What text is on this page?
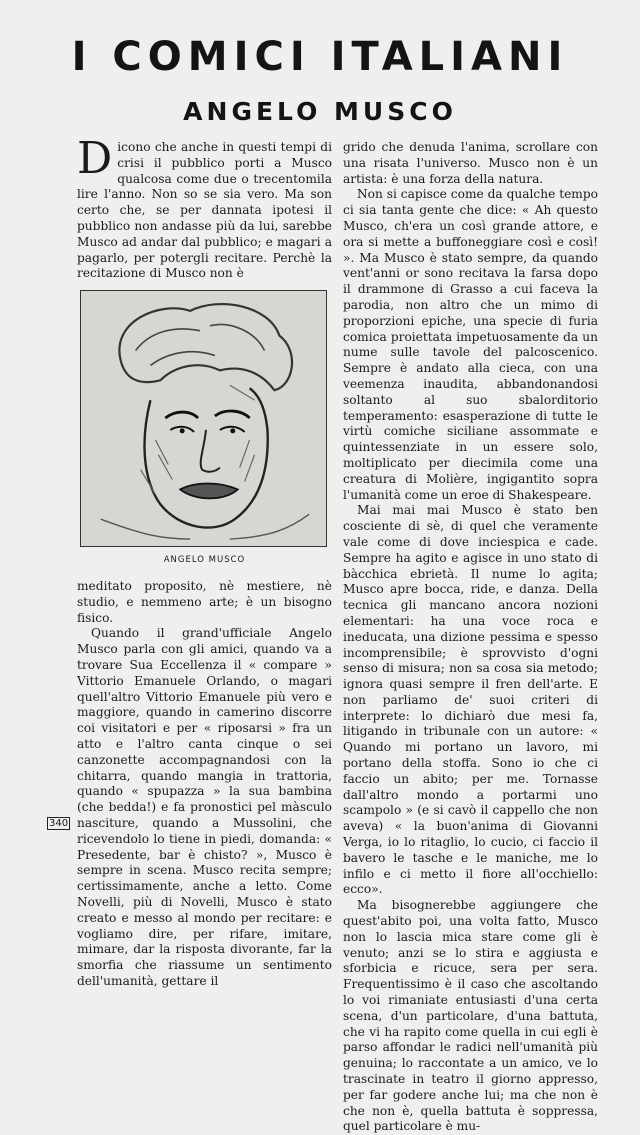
I COMICI ITALIANI
ANGELO MUSCO

Dicono che anche in questi tempi di crisi il pubblico porti a Musco qualcosa come due o trecentomila lire l'anno. Non so se sia vero. Ma son certo che, se per dannata ipotesi il pubblico non andasse più da lui, sarebbe Musco ad andar dal pubblico; e magari a pagarlo, per potergli recitare. Perchè la recitazione di Musco non è

ANGELO MUSCO

meditato proposito, nè mestiere, nè studio, e nemmeno arte; è un bisogno fisico.

Quando il grand'ufficiale Angelo Musco parla con gli amici, quando va a trovare Sua Eccellenza il « compare » Vittorio Emanuele Orlando, o magari quell'altro Vittorio Emanuele più vero e maggiore, quando in camerino discorre coi visitatori e per « riposarsi » fra un atto e l'altro canta cinque o sei canzonette accompagnandosi con la chitarra, quando mangia in trattoria, quando « spupazza » la sua bambina (che bedda!) e fa pronostici pel màsculo nasciture, quando a Mussolini, che ricevendolo lo tiene in piedi, domanda: « Presedente, bar è chisto? », Musco è sempre in scena. Musco recita sempre; certissimamente, anche a letto. Come Novelli, più di Novelli, Musco è stato creato e messo al mondo per recitare: e vogliamo dire, per rifare, imitare, mimare, dar la risposta divorante, far la smorfia che riassume un sentimento dell'umanità, gettare il

grido che denuda l'anima, scrollare con una risata l'universo. Musco non è un artista: è una forza della natura.

Non si capisce come da qualche tempo ci sia tanta gente che dice: « Ah questo Musco, ch'era un così grande attore, e ora si mette a buffoneggiare così e così! ». Ma Musco è stato sempre, da quando vent'anni or sono recitava la farsa dopo il drammone di Grasso a cui faceva la parodia, non altro che un mimo di proporzioni epiche, una specie di furia comica proiettata impetuosamente da un nume sulle tavole del palcoscenico. Sempre è andato alla cieca, con una veemenza inaudita, abbandonandosi soltanto al suo sbalorditorio temperamento: esasperazione di tutte le virtù comiche siciliane assommate e quintessenziate in un essere solo, moltiplicato per diecimila come una creatura di Molière, ingigantito sopra l'umanità come un eroe di Shakespeare.

Mai mai mai Musco è stato ben cosciente di sè, di quel che veramente vale come di dove inciespica e cade. Sempre ha agito e agisce in uno stato di bàcchica ebrietà. Il nume lo agita; Musco apre bocca, ride, e danza. Della tecnica gli mancano ancora nozioni elementari: ha una voce roca e ineducata, una dizione pessima e spesso incomprensibile; è sprovvisto d'ogni senso di misura; non sa cosa sia metodo; ignora quasi sempre il fren dell'arte. E non parliamo de' suoi criteri di interprete: lo dichiarò due mesi fa, litigando in tribunale con un autore: « Quando mi portano un lavoro, mi portano della stoffa. Sono io che ci faccio un abito; per me. Tornasse dall'altro mondo a portarmi uno scampolo » (e si cavò il cappello che non aveva) « la buon'anima di Giovanni Verga, io lo ritaglio, lo cucio, ci faccio il bavero le tasche e le maniche, me lo infilo e ci metto il fiore all'occhiello: ecco».

Ma bisognerebbe aggiungere che quest'abito poi, una volta fatto, Musco non lo lascia mica stare come gli è venuto; anzi se lo stira e aggiusta e sforbicia e ricuce, sera per sera. Frequentissimo è il caso che ascoltando lo voi rimaniate entusiasti d'una certa scena, d'un particolare, d'una battuta, che vi ha rapito come quella in cui egli è parso affondar le radici nell'umanità più genuina; lo raccontate a un amico, ve lo trascinate in teatro il giorno appresso, per far godere anche lui; ma che non è che non è, quella battuta è soppressa, quel particolare è mu-

340
